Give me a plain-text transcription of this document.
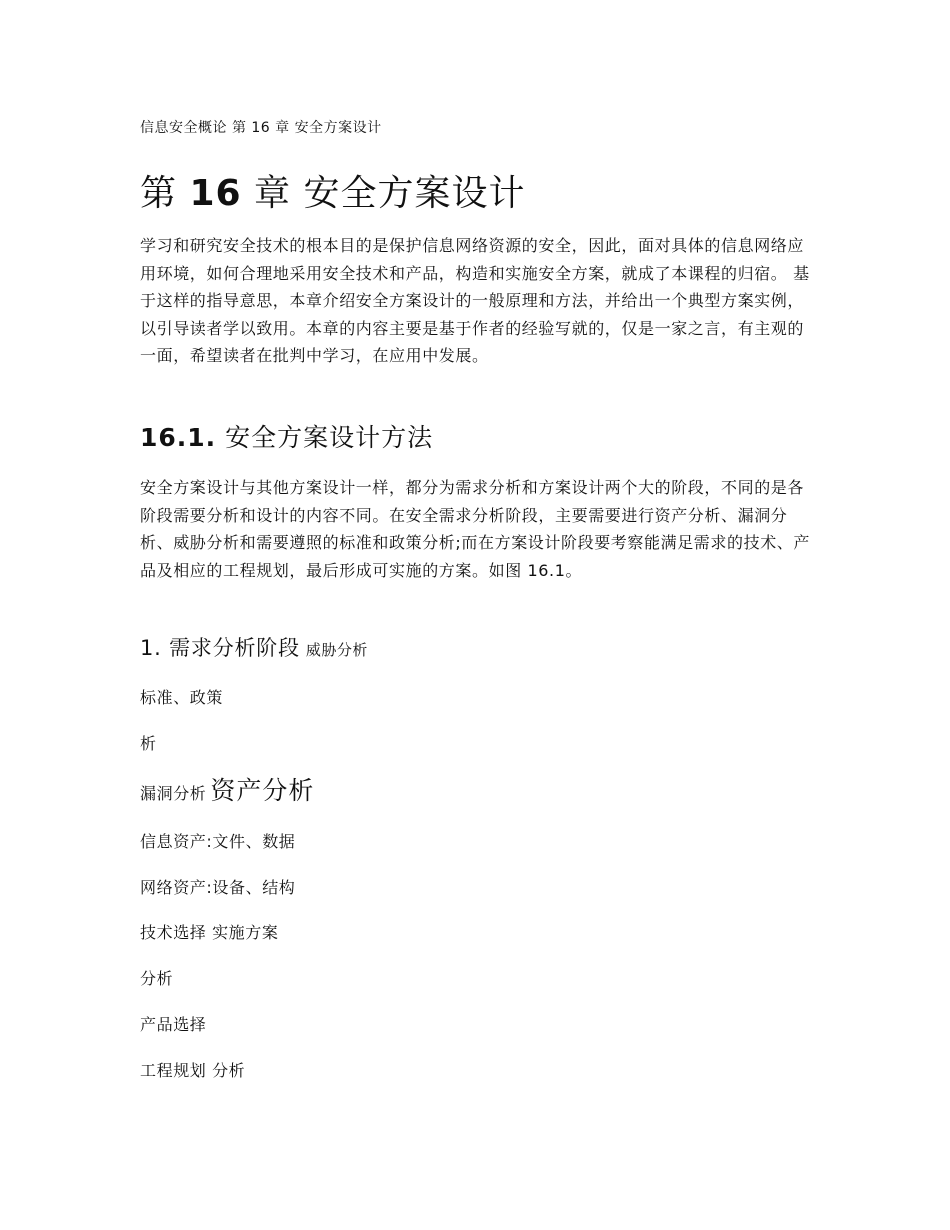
信息安全概论 第 16 章 安全方案设计
第 16 章 安全方案设计

学习和研究安全技术的根本目的是保护信息网络资源的安全，因此，面对具体的信息网络应用环境，如何合理地采用安全技术和产品，构造和实施安全方案，就成了本课程的归宿。 基于这样的指导意思，本章介绍安全方案设计的一般原理和方法，并给出一个典型方案实例，以引导读者学以致用。本章的内容主要是基于作者的经验写就的，仅是一家之言，有主观的一面，希望读者在批判中学习，在应用中发展。

16.1. 安全方案设计方法

安全方案设计与其他方案设计一样，都分为需求分析和方案设计两个大的阶段，不同的是各阶段需要分析和设计的内容不同。在安全需求分析阶段，主要需要进行资产分析、漏洞分析、威胁分析和需要遵照的标准和政策分析;而在方案设计阶段要考察能满足需求的技术、产品及相应的工程规划，最后形成可实施的方案。如图 16.1。

1. 需求分析阶段 威胁分析
标准、政策
析
漏洞分析 资产分析
信息资产:文件、数据
网络资产:设备、结构
技术选择 实施方案
分析
产品选择
工程规划 分析
